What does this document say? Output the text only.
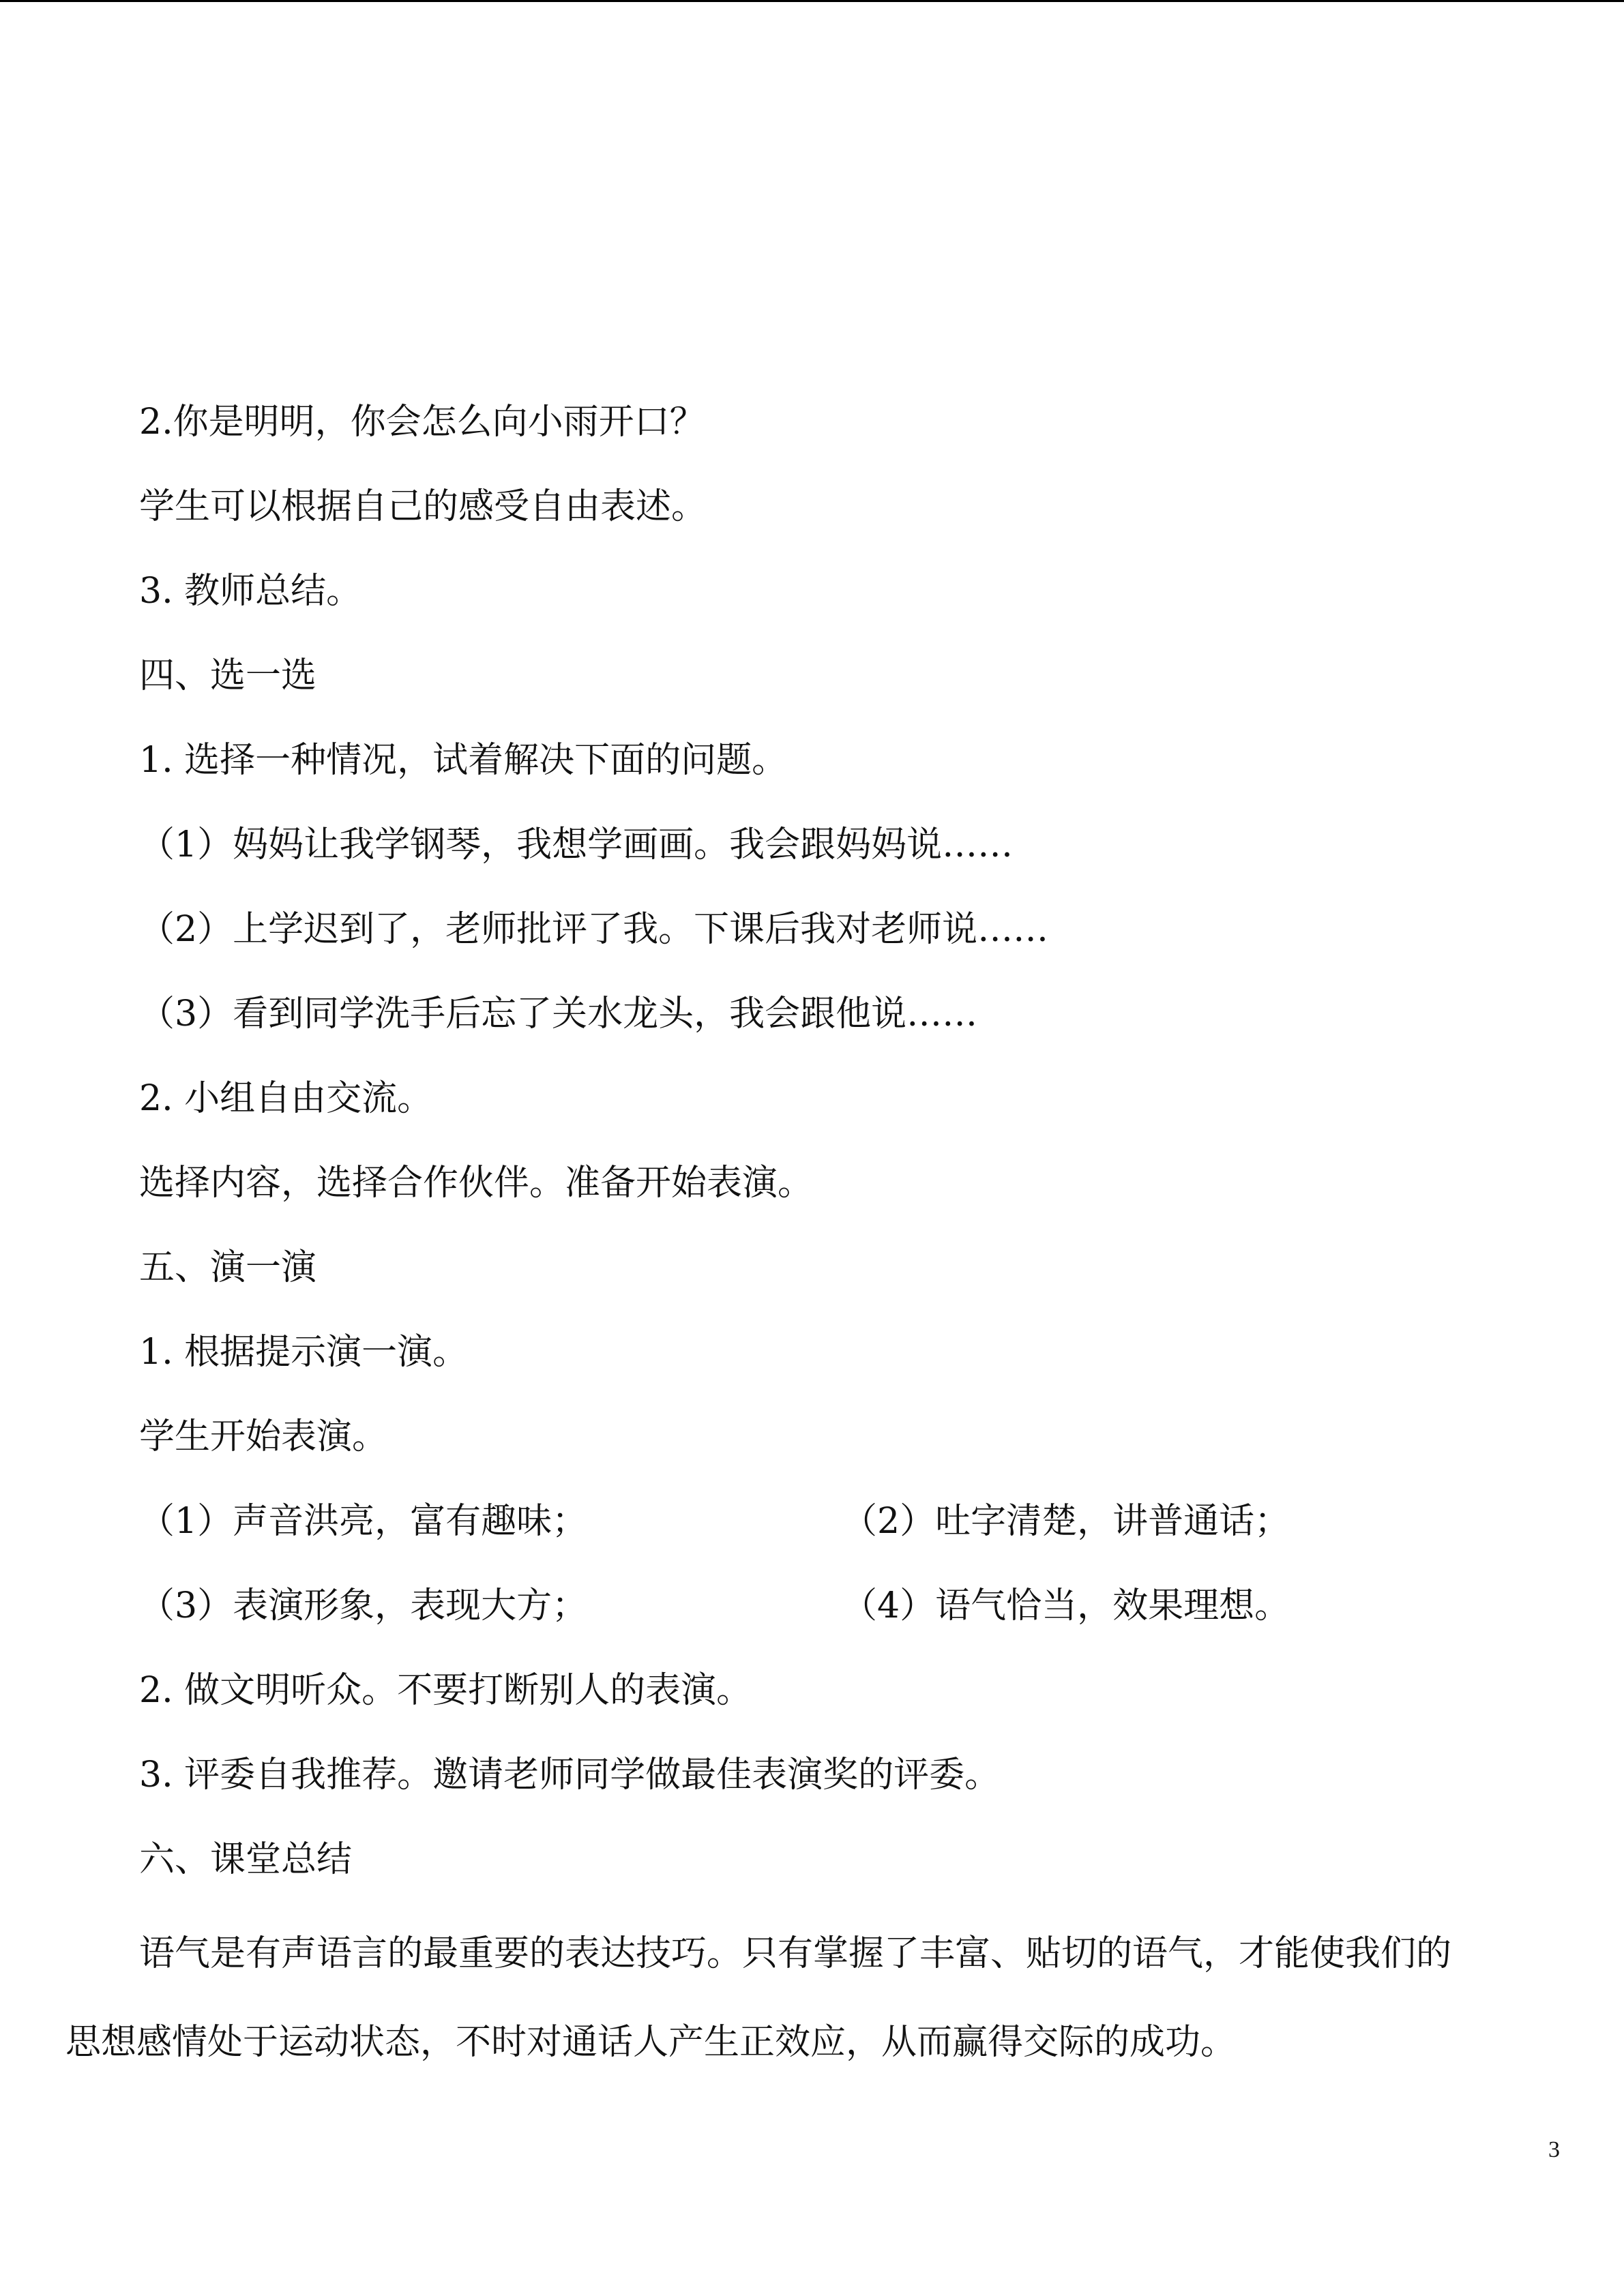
2.你是明明，你会怎么向小雨开口？
学生可以根据自己的感受自由表述。
3. 教师总结。
四、选一选
1. 选择一种情况，试着解决下面的问题。
（1）妈妈让我学钢琴，我想学画画。我会跟妈妈说……
（2）上学迟到了，老师批评了我。下课后我对老师说……
（3）看到同学洗手后忘了关水龙头，我会跟他说……
2. 小组自由交流。
选择内容，选择合作伙伴。准备开始表演。
五、演一演
1. 根据提示演一演。
学生开始表演。
（1）声音洪亮，富有趣味；	（2）吐字清楚，讲普通话；
（3）表演形象，表现大方；	（4）语气恰当，效果理想。
2. 做文明听众。不要打断别人的表演。
3. 评委自我推荐。邀请老师同学做最佳表演奖的评委。
六、课堂总结
语气是有声语言的最重要的表达技巧。只有掌握了丰富、贴切的语气，才能使我们的
思想感情处于运动状态，不时对通话人产生正效应，从而赢得交际的成功。
3
